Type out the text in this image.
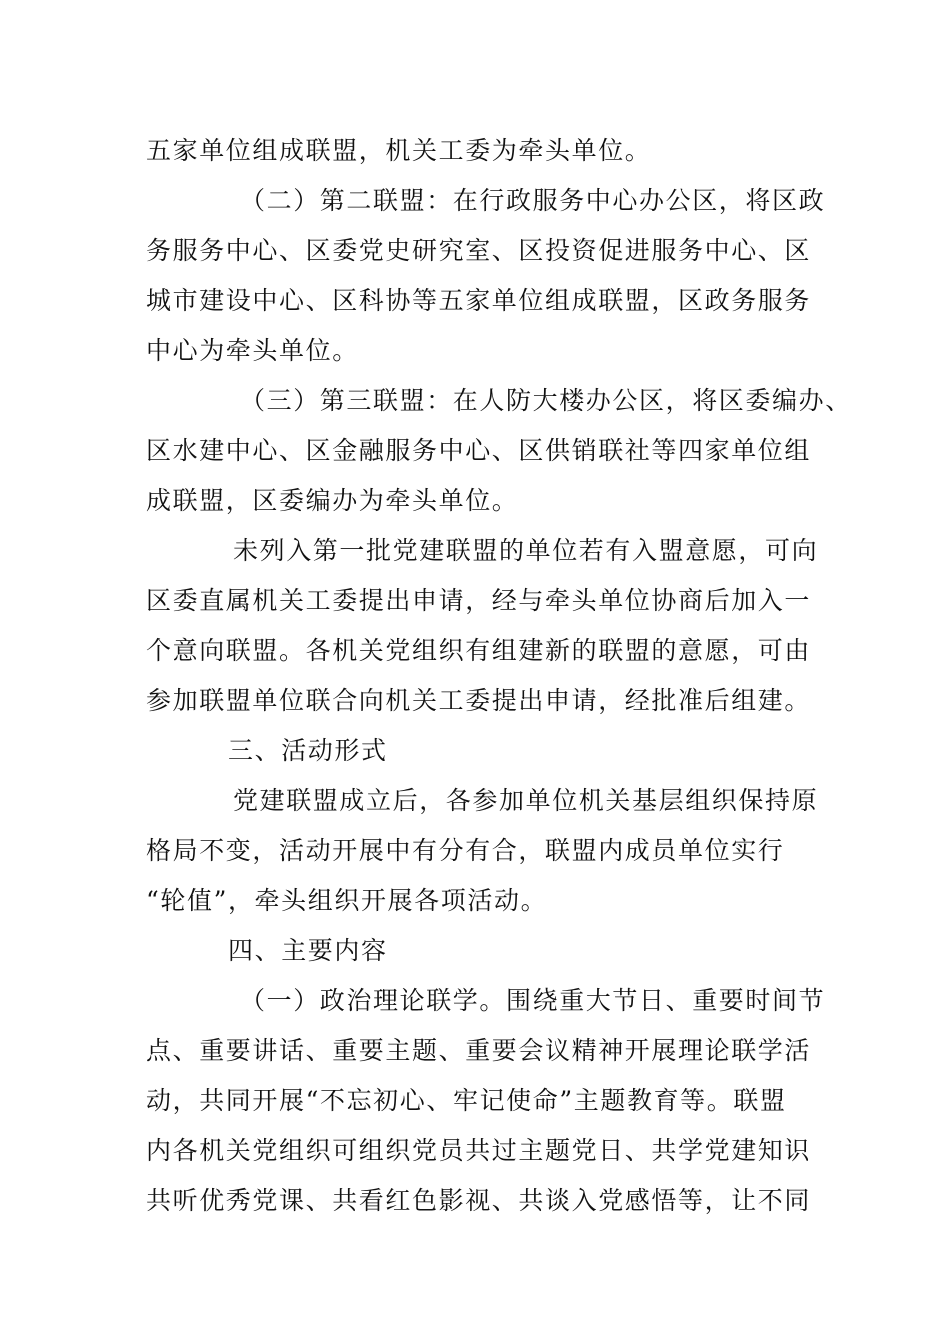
五家单位组成联盟，机关工委为牵头单位。

（二）第二联盟：在行政服务中心办公区，将区政

务服务中心、区委党史研究室、区投资促进服务中心、区

城市建设中心、区科协等五家单位组成联盟，区政务服务

中心为牵头单位。

（三）第三联盟：在人防大楼办公区，将区委编办、

区水建中心、区金融服务中心、区供销联社等四家单位组

成联盟，区委编办为牵头单位。

未列入第一批党建联盟的单位若有入盟意愿，可向

区委直属机关工委提出申请，经与牵头单位协商后加入一

个意向联盟。各机关党组织有组建新的联盟的意愿，可由

参加联盟单位联合向机关工委提出申请，经批准后组建。

三、活动形式

党建联盟成立后，各参加单位机关基层组织保持原

格局不变，活动开展中有分有合，联盟内成员单位实行

“轮值”，牵头组织开展各项活动。

四、主要内容

（一）政治理论联学。围绕重大节日、重要时间节

点、重要讲话、重要主题、重要会议精神开展理论联学活

动，共同开展“不忘初心、牢记使命”主题教育等。联盟

内各机关党组织可组织党员共过主题党日、共学党建知识

共听优秀党课、共看红色影视、共谈入党感悟等，让不同
